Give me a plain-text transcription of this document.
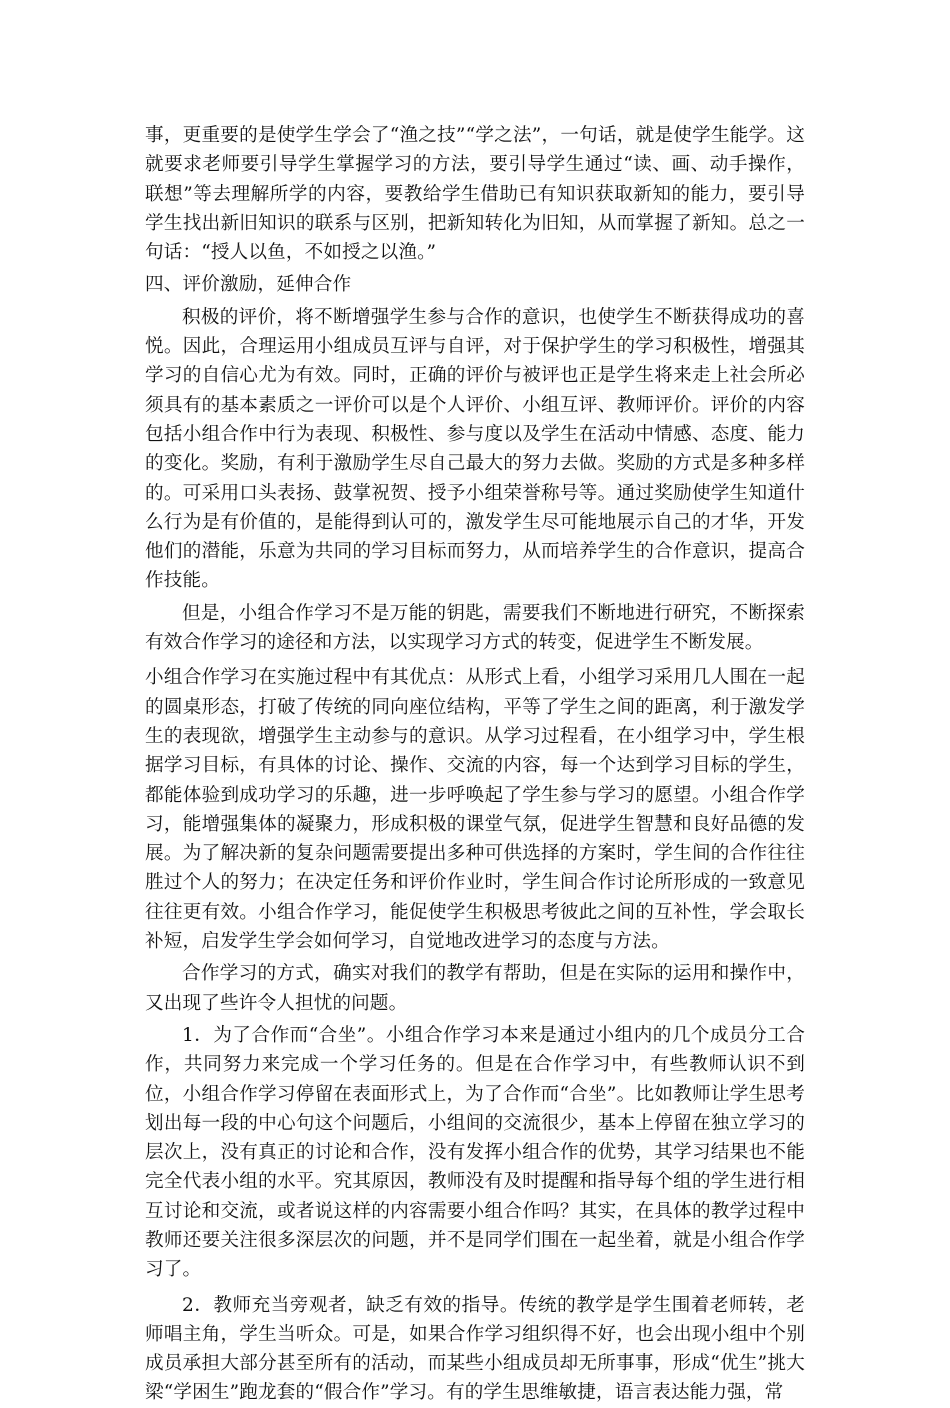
事，更重要的是使学生学会了“渔之技”“学之法”，一句话，就是使学生能学。这就要求老师要引导学生掌握学习的方法，要引导学生通过“读、画、动手操作，联想”等去理解所学的内容，要教给学生借助已有知识获取新知的能力，要引导学生找出新旧知识的联系与区别，把新知转化为旧知，从而掌握了新知。总之一句话：“授人以鱼，不如授之以渔。”

四、评价激励，延伸合作

积极的评价，将不断增强学生参与合作的意识，也使学生不断获得成功的喜悦。因此，合理运用小组成员互评与自评，对于保护学生的学习积极性，增强其学习的自信心尤为有效。同时，正确的评价与被评也正是学生将来走上社会所必须具有的基本素质之一评价可以是个人评价、小组互评、教师评价。评价的内容包括小组合作中行为表现、积极性、参与度以及学生在活动中情感、态度、能力的变化。奖励，有利于激励学生尽自己最大的努力去做。奖励的方式是多种多样的。可采用口头表扬、鼓掌祝贺、授予小组荣誉称号等。通过奖励使学生知道什么行为是有价值的，是能得到认可的，激发学生尽可能地展示自己的才华，开发他们的潜能，乐意为共同的学习目标而努力，从而培养学生的合作意识，提高合作技能。

但是，小组合作学习不是万能的钥匙，需要我们不断地进行研究，不断探索有效合作学习的途径和方法，以实现学习方式的转变，促进学生不断发展。

小组合作学习在实施过程中有其优点：从形式上看，小组学习采用几人围在一起的圆桌形态，打破了传统的同向座位结构，平等了学生之间的距离，利于激发学生的表现欲，增强学生主动参与的意识。从学习过程看，在小组学习中，学生根据学习目标，有具体的讨论、操作、交流的内容，每一个达到学习目标的学生，都能体验到成功学习的乐趣，进一步呼唤起了学生参与学习的愿望。小组合作学习，能增强集体的凝聚力，形成积极的课堂气氛，促进学生智慧和良好品德的发展。为了解决新的复杂问题需要提出多种可供选择的方案时，学生间的合作往往胜过个人的努力；在决定任务和评价作业时，学生间合作讨论所形成的一致意见往往更有效。小组合作学习，能促使学生积极思考彼此之间的互补性，学会取长补短，启发学生学会如何学习，自觉地改进学习的态度与方法。

合作学习的方式，确实对我们的教学有帮助，但是在实际的运用和操作中，又出现了些许令人担忧的问题。

1．为了合作而“合坐”。小组合作学习本来是通过小组内的几个成员分工合作，共同努力来完成一个学习任务的。但是在合作学习中，有些教师认识不到位，小组合作学习停留在表面形式上，为了合作而“合坐”。比如教师让学生思考划出每一段的中心句这个问题后，小组间的交流很少，基本上停留在独立学习的层次上，没有真正的讨论和合作，没有发挥小组合作的优势，其学习结果也不能完全代表小组的水平。究其原因，教师没有及时提醒和指导每个组的学生进行相互讨论和交流，或者说这样的内容需要小组合作吗？其实，在具体的教学过程中教师还要关注很多深层次的问题，并不是同学们围在一起坐着，就是小组合作学习了。

2．教师充当旁观者，缺乏有效的指导。传统的教学是学生围着老师转，老师唱主角，学生当听众。可是，如果合作学习组织得不好，也会出现小组中个别成员承担大部分甚至所有的活动，而某些小组成员却无所事事，形成“优生”挑大梁“学困生”跑龙套的“假合作”学习。有的学生思维敏捷，语言表达能力强，常
